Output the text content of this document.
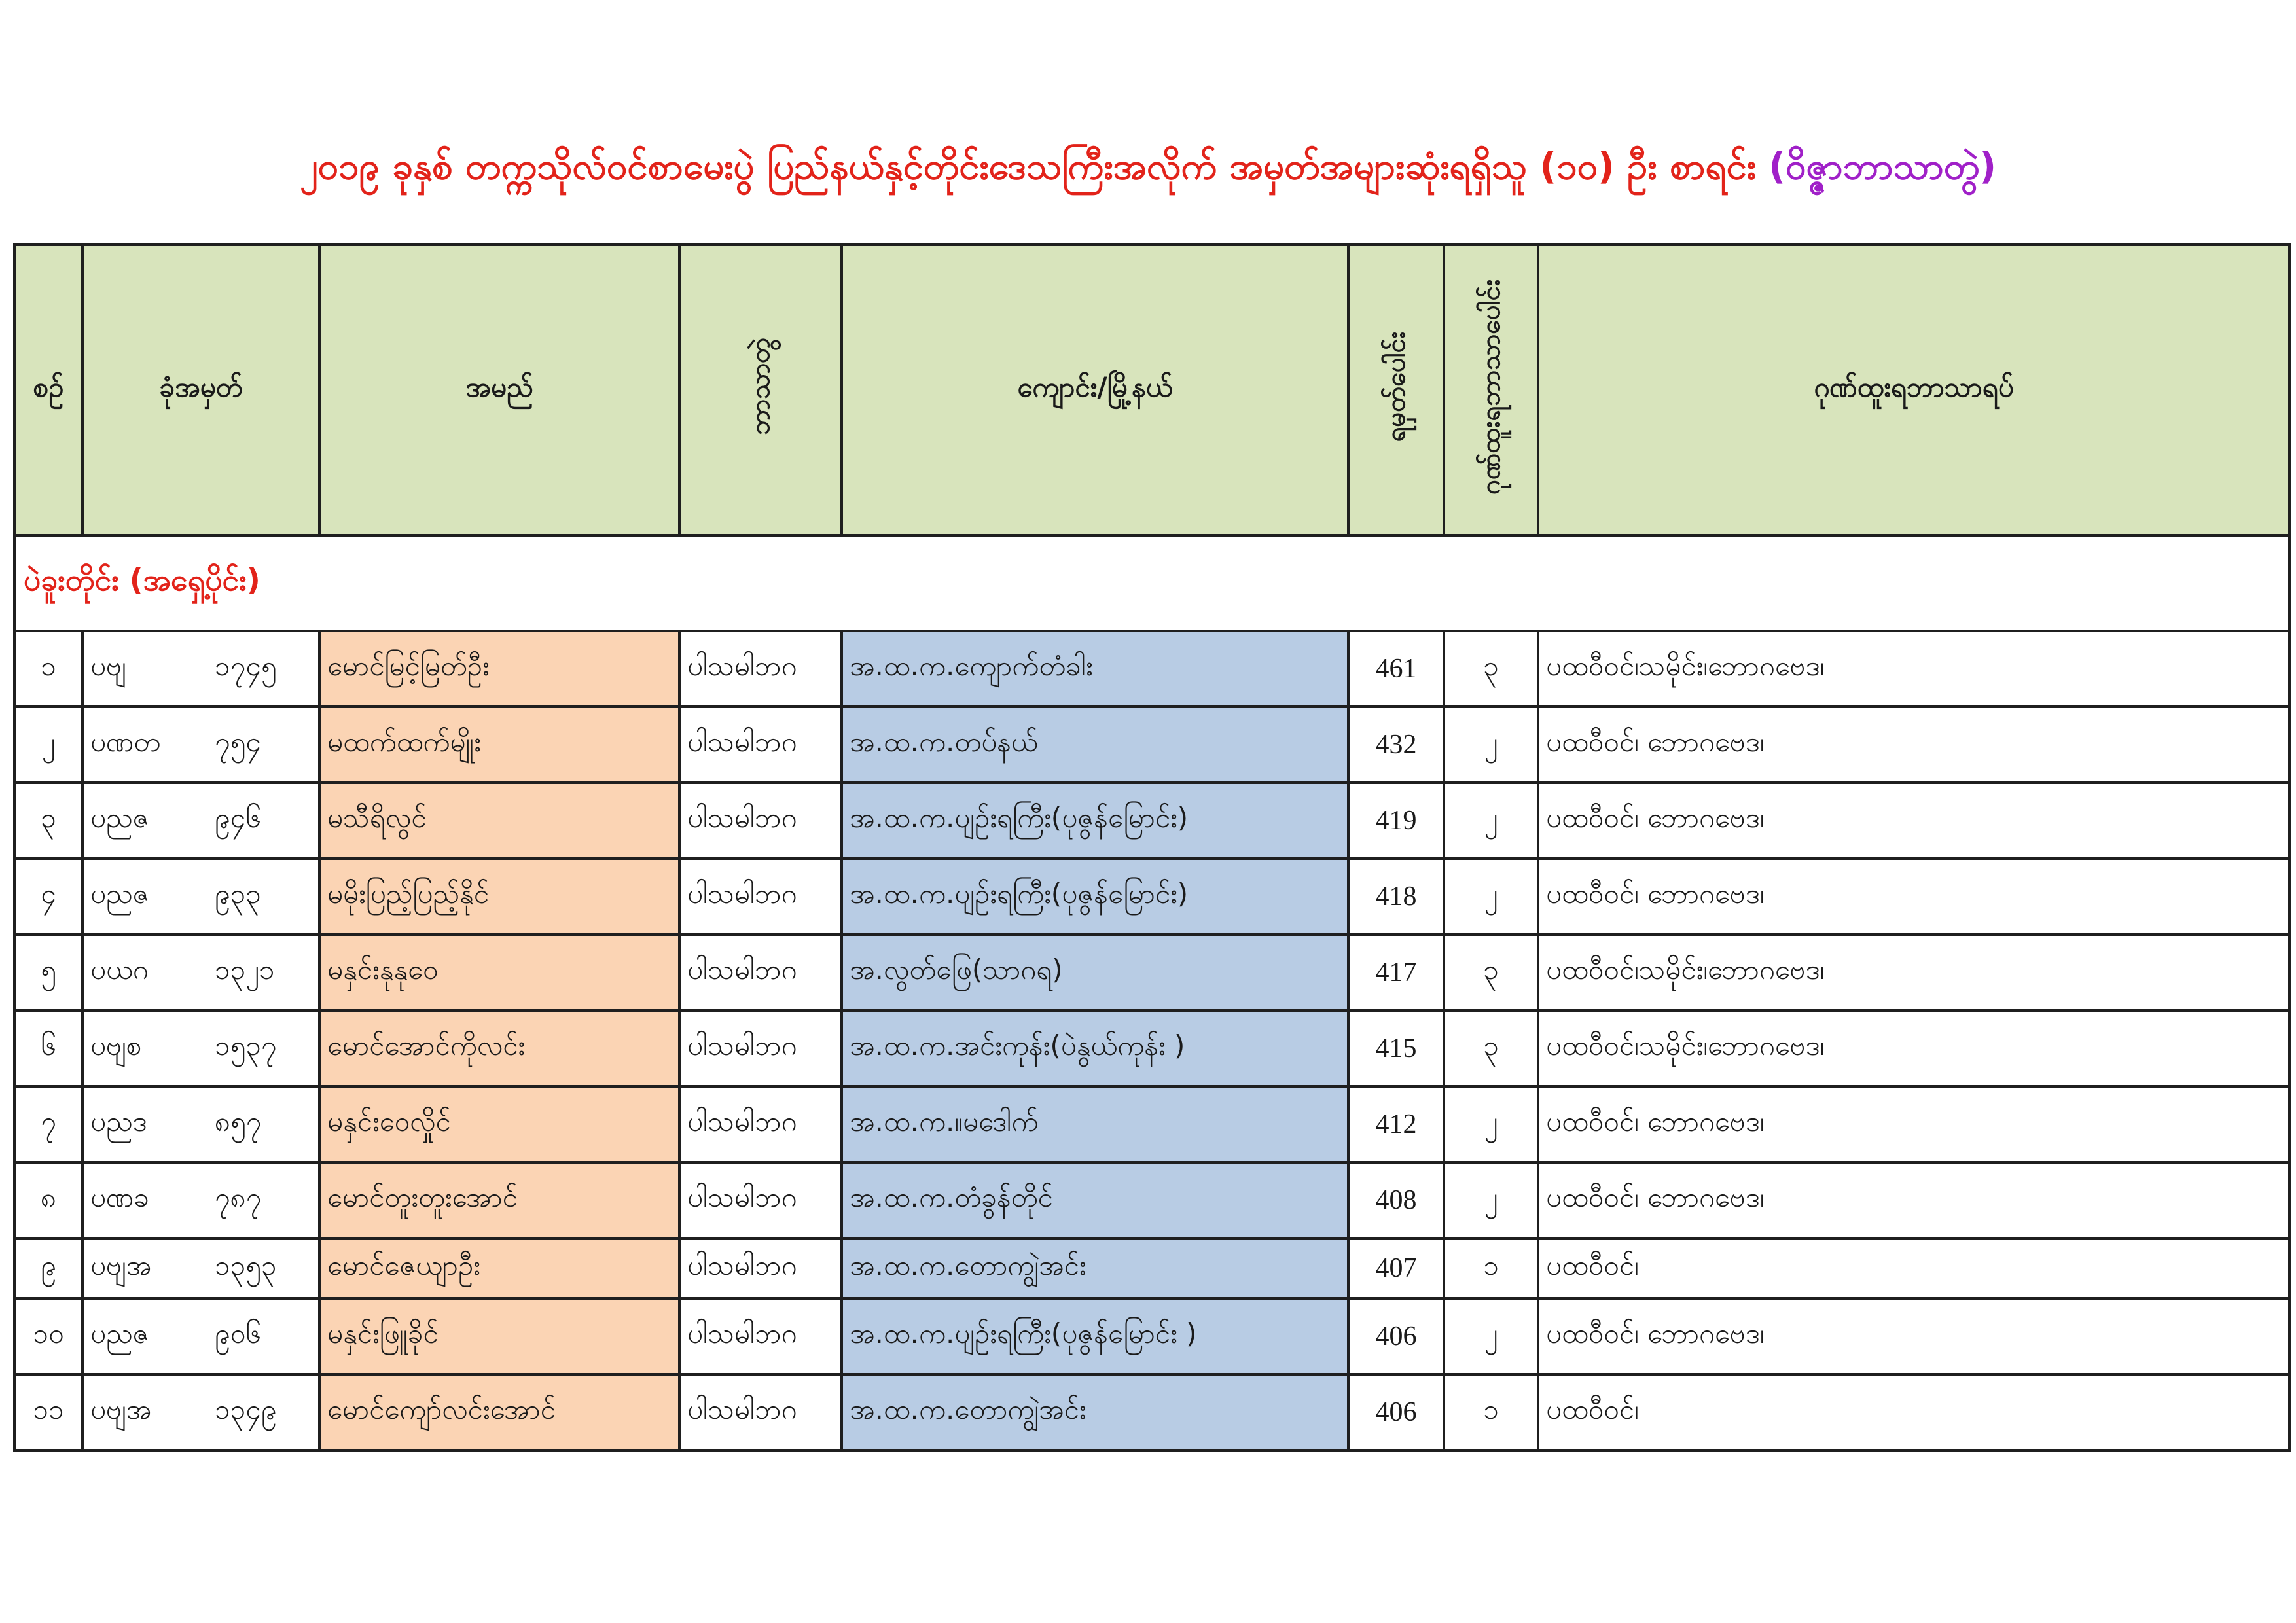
၂၀၁၉ ခုနှစ် တက္ကသိုလ်ဝင်စာမေးပွဲ ပြည်နယ်နှင့်တိုင်းဒေသကြီးအလိုက် အမှတ်အများဆုံးရရှိသူ (၁၀) ဦး စာရင်း (ဝိဇ္ဇာဘာသာတွဲ)
စဉ်	ခုံအမှတ်	အမည်	ဘာသာတွဲ	ကျောင်း/မြို့နယ်	ရမှတ်ပေါင်း	ဂုဏ်ထူးရဘာသာပေါင်း	ဂုဏ်ထူးရဘာသာရပ်
ပဲခူးတိုင်း (အရှေ့ပိုင်း)							
၁	ပဗျ ၁၇၄၅	မောင်မြင့်မြတ်ဦး	ပါသမါဘဂ	အ.ထ.က.ကျောက်တံခါး	461	၃	ပထဝီဝင်၊သမိုင်း၊ဘောဂဗေဒ၊
၂	ပဏတ ၇၅၄	မထက်ထက်မျိုး	ပါသမါဘဂ	အ.ထ.က.တပ်နယ်	432	၂	ပထဝီဝင်၊ ဘောဂဗေဒ၊
၃	ပညဇ ၉၄၆	မသီရိလွင်	ပါသမါဘဂ	အ.ထ.က.ပျဉ်းရကြီး(ပုဇွန်မြောင်း)	419	၂	ပထဝီဝင်၊ ဘောဂဗေဒ၊
၄	ပညဇ ၉၃၃	မမိုးပြည့်ပြည့်နိုင်	ပါသမါဘဂ	အ.ထ.က.ပျဉ်းရကြီး(ပုဇွန်မြောင်း)	418	၂	ပထဝီဝင်၊ ဘောဂဗေဒ၊
၅	ပယဂ ၁၃၂၁	မနှင်းနုနုဝေ	ပါသမါဘဂ	အ.လွတ်ဖြေ(သာဂရ)	417	၃	ပထဝီဝင်၊သမိုင်း၊ဘောဂဗေဒ၊
၆	ပဗျစ ၁၅၃၇	မောင်အောင်ကိုလင်း	ပါသမါဘဂ	အ.ထ.က.အင်းကုန်း(ပဲနွယ်ကုန်း )	415	၃	ပထဝီဝင်၊သမိုင်း၊ဘောဂဗေဒ၊
၇	ပညဒ ၈၅၇	မနှင်းဝေလှိုင်	ပါသမါဘဂ	အ.ထ.က.။မဒေါက်	412	၂	ပထဝီဝင်၊ ဘောဂဗေဒ၊
၈	ပဏခ ၇၈၇	မောင်တူးတူးအောင်	ပါသမါဘဂ	အ.ထ.က.တံခွန်တိုင်	408	၂	ပထဝီဝင်၊ ဘောဂဗေဒ၊
၉	ပဗျအ ၁၃၅၃	မောင်ဇေယျာဦး	ပါသမါဘဂ	အ.ထ.က.တောကျွဲအင်း	407	၁	ပထဝီဝင်၊
၁၀	ပညဇ ၉၀၆	မနှင်းဖြူခိုင်	ပါသမါဘဂ	အ.ထ.က.ပျဉ်းရကြီး(ပုဇွန်မြောင်း )	406	၂	ပထဝီဝင်၊ ဘောဂဗေဒ၊
၁၁	ပဗျအ ၁၃၄၉	မောင်ကျော်လင်းအောင်	ပါသမါဘဂ	အ.ထ.က.တောကျွဲအင်း	406	၁	ပထဝီဝင်၊
